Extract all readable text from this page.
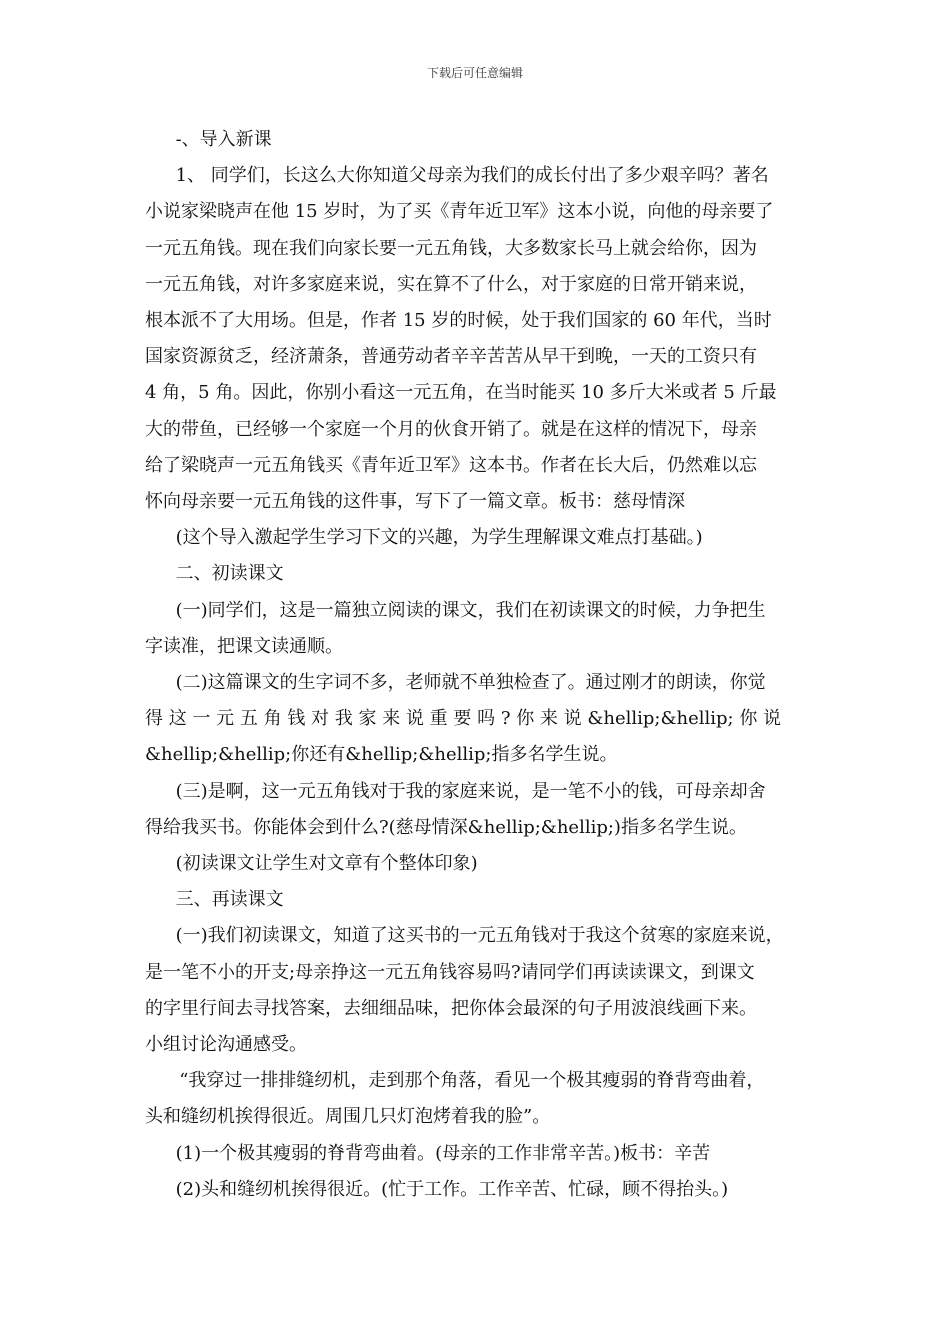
下载后可任意编辑

-、导入新课

1、 同学们，长这么大你知道父母亲为我们的成长付出了多少艰辛吗？著名

小说家梁晓声在他 15 岁时，为了买《青年近卫军》这本小说，向他的母亲要了

一元五角钱。现在我们向家长要一元五角钱，大多数家长马上就会给你，因为

一元五角钱，对许多家庭来说，实在算不了什么，对于家庭的日常开销来说，

根本派不了大用场。但是，作者 15 岁的时候，处于我们国家的 60 年代，当时

国家资源贫乏，经济萧条，普通劳动者辛辛苦苦从早干到晚，一天的工资只有

4 角，5 角。因此，你别小看这一元五角，在当时能买 10 多斤大米或者 5 斤最

大的带鱼，已经够一个家庭一个月的伙食开销了。就是在这样的情况下，母亲

给了梁晓声一元五角钱买《青年近卫军》这本书。作者在长大后，仍然难以忘

怀向母亲要一元五角钱的这件事，写下了一篇文章。板书：慈母情深

(这个导入激起学生学习下文的兴趣，为学生理解课文难点打基础。)

二、初读课文

(一)同学们，这是一篇独立阅读的课文，我们在初读课文的时候，力争把生

字读准，把课文读通顺。

(二)这篇课文的生字词不多，老师就不单独检查了。通过刚才的朗读，你觉

得 这 一 元 五 角 钱 对 我 家 来 说 重 要 吗 ? 你 来 说 &hellip;&hellip; 你 说

&hellip;&hellip;你还有&hellip;&hellip;指多名学生说。

(三)是啊，这一元五角钱对于我的家庭来说，是一笔不小的钱，可母亲却舍

得给我买书。你能体会到什么?(慈母情深&hellip;&hellip;)指多名学生说。

(初读课文让学生对文章有个整体印象)

三、再读课文

(一)我们初读课文，知道了这买书的一元五角钱对于我这个贫寒的家庭来说，

是一笔不小的开支;母亲挣这一元五角钱容易吗?请同学们再读读课文，到课文

的字里行间去寻找答案，去细细品味，把你体会最深的句子用波浪线画下来。

小组讨论沟通感受。

“我穿过一排排缝纫机，走到那个角落，看见一个极其瘦弱的脊背弯曲着，

头和缝纫机挨得很近。周围几只灯泡烤着我的脸”。

(1)一个极其瘦弱的脊背弯曲着。(母亲的工作非常辛苦。)板书：辛苦

(2)头和缝纫机挨得很近。(忙于工作。工作辛苦、忙碌，顾不得抬头。)
